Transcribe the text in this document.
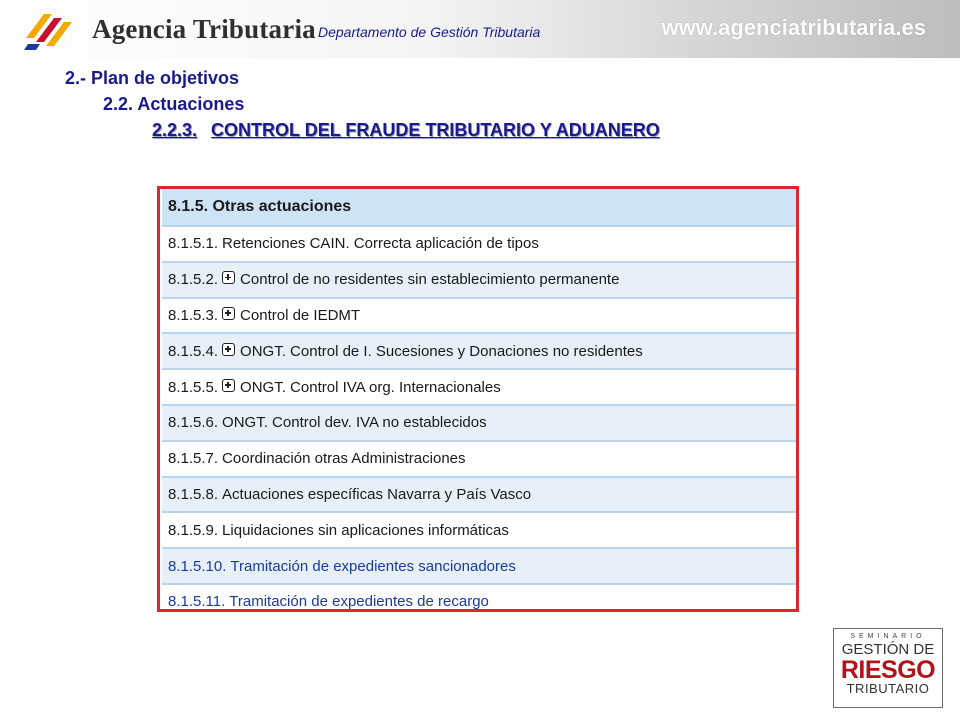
Agencia Tributaria Departamento de Gestión Tributaria	www.agenciatributaria.es
2.- Plan de objetivos
2.2. Actuaciones
2.2.3. CONTROL DEL FRAUDE TRIBUTARIO Y ADUANERO
8.1.5. Otras actuaciones
8.1.5.1. Retenciones CAIN. Correcta aplicación de tipos
8.1.5.2. Control de no residentes sin establecimiento permanente
8.1.5.3. Control de IEDMT
8.1.5.4. ONGT. Control de I. Sucesiones y Donaciones no residentes
8.1.5.5. ONGT. Control IVA org. Internacionales
8.1.5.6. ONGT. Control dev. IVA no establecidos
8.1.5.7. Coordinación otras Administraciones
8.1.5.8. Actuaciones específicas Navarra y País Vasco
8.1.5.9. Liquidaciones sin aplicaciones informáticas
8.1.5.10. Tramitación de expedientes sancionadores
8.1.5.11. Tramitación de expedientes de recargo
SEMINARIO
GESTIÓN DE
RIESGO
TRIBUTARIO
